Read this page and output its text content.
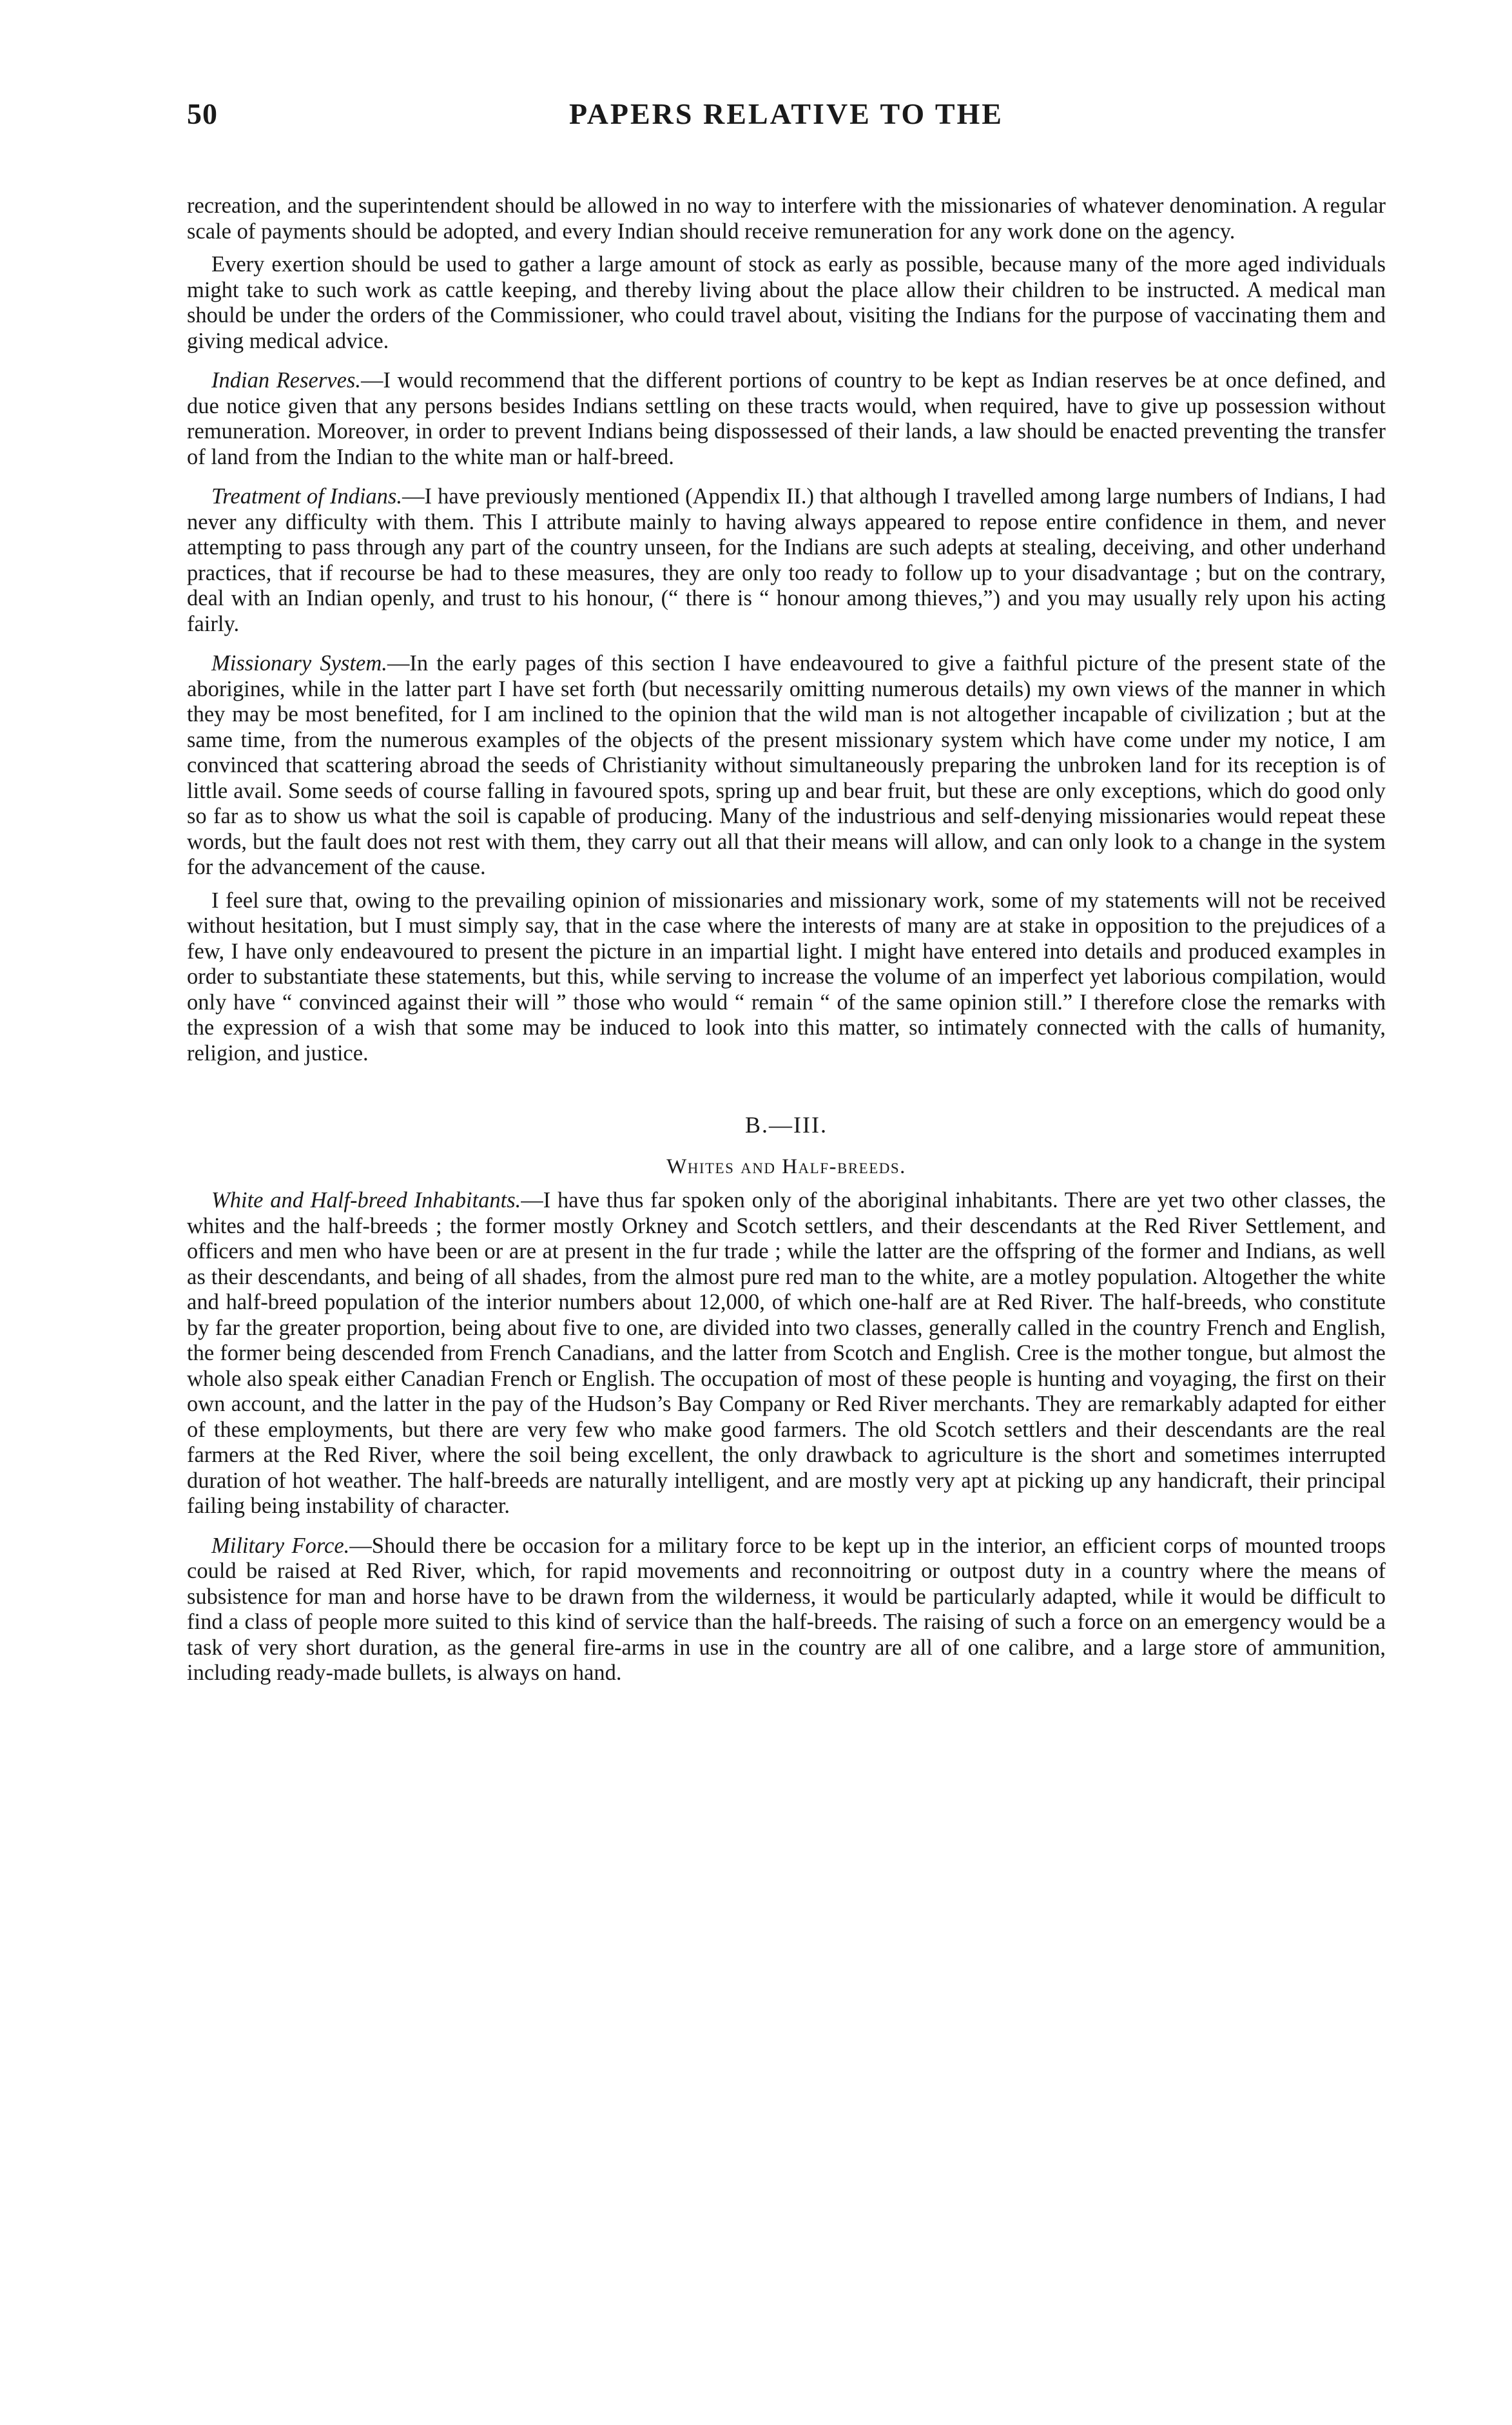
50	PAPERS RELATIVE TO THE

recreation, and the superintendent should be allowed in no way to interfere with the missionaries of whatever denomination. A regular scale of payments should be adopted, and every Indian should receive remuneration for any work done on the agency.

Every exertion should be used to gather a large amount of stock as early as possible, because many of the more aged individuals might take to such work as cattle keeping, and thereby living about the place allow their children to be instructed. A medical man should be under the orders of the Commissioner, who could travel about, visiting the Indians for the purpose of vaccinating them and giving medical advice.

Indian Reserves.—I would recommend that the different portions of country to be kept as Indian reserves be at once defined, and due notice given that any persons besides Indians settling on these tracts would, when required, have to give up possession without remuneration. Moreover, in order to prevent Indians being dispossessed of their lands, a law should be enacted preventing the transfer of land from the Indian to the white man or half-breed.

Treatment of Indians.—I have previously mentioned (Appendix II.) that although I travelled among large numbers of Indians, I had never any difficulty with them. This I attribute mainly to having always appeared to repose entire confidence in them, and never attempting to pass through any part of the country unseen, for the Indians are such adepts at stealing, deceiving, and other underhand practices, that if recourse be had to these measures, they are only too ready to follow up to your disadvantage ; but on the contrary, deal with an Indian openly, and trust to his honour, (“ there is “ honour among thieves,”) and you may usually rely upon his acting fairly.

Missionary System.—In the early pages of this section I have endeavoured to give a faithful picture of the present state of the aborigines, while in the latter part I have set forth (but necessarily omitting numerous details) my own views of the manner in which they may be most benefited, for I am inclined to the opinion that the wild man is not altogether incapable of civilization ; but at the same time, from the numerous examples of the objects of the present missionary system which have come under my notice, I am convinced that scattering abroad the seeds of Christianity without simultaneously preparing the unbroken land for its reception is of little avail. Some seeds of course falling in favoured spots, spring up and bear fruit, but these are only exceptions, which do good only so far as to show us what the soil is capable of producing. Many of the industrious and self-denying missionaries would repeat these words, but the fault does not rest with them, they carry out all that their means will allow, and can only look to a change in the system for the advancement of the cause.

I feel sure that, owing to the prevailing opinion of missionaries and missionary work, some of my statements will not be received without hesitation, but I must simply say, that in the case where the interests of many are at stake in opposition to the prejudices of a few, I have only endeavoured to present the picture in an impartial light. I might have entered into details and produced examples in order to substantiate these statements, but this, while serving to increase the volume of an imperfect yet laborious compilation, would only have “ convinced against their will ” those who would “ remain “ of the same opinion still.” I therefore close the remarks with the expression of a wish that some may be induced to look into this matter, so intimately connected with the calls of humanity, religion, and justice.

B.—III.
Whites and Half-breeds.

White and Half-breed Inhabitants.—I have thus far spoken only of the aboriginal inhabitants. There are yet two other classes, the whites and the half-breeds ; the former mostly Orkney and Scotch settlers, and their descendants at the Red River Settlement, and officers and men who have been or are at present in the fur trade ; while the latter are the offspring of the former and Indians, as well as their descendants, and being of all shades, from the almost pure red man to the white, are a motley population. Altogether the white and half-breed population of the interior numbers about 12,000, of which one-half are at Red River. The half-breeds, who constitute by far the greater proportion, being about five to one, are divided into two classes, generally called in the country French and English, the former being descended from French Canadians, and the latter from Scotch and English. Cree is the mother tongue, but almost the whole also speak either Canadian French or English. The occupation of most of these people is hunting and voyaging, the first on their own account, and the latter in the pay of the Hudson’s Bay Company or Red River merchants. They are remarkably adapted for either of these employments, but there are very few who make good farmers. The old Scotch settlers and their descendants are the real farmers at the Red River, where the soil being excellent, the only drawback to agriculture is the short and sometimes interrupted duration of hot weather. The half-breeds are naturally intelligent, and are mostly very apt at picking up any handicraft, their principal failing being instability of character.

Military Force.—Should there be occasion for a military force to be kept up in the interior, an efficient corps of mounted troops could be raised at Red River, which, for rapid movements and reconnoitring or outpost duty in a country where the means of subsistence for man and horse have to be drawn from the wilderness, it would be particularly adapted, while it would be difficult to find a class of people more suited to this kind of service than the half-breeds. The raising of such a force on an emergency would be a task of very short duration, as the general fire-arms in use in the country are all of one calibre, and a large store of ammunition, including ready-made bullets, is always on hand.
